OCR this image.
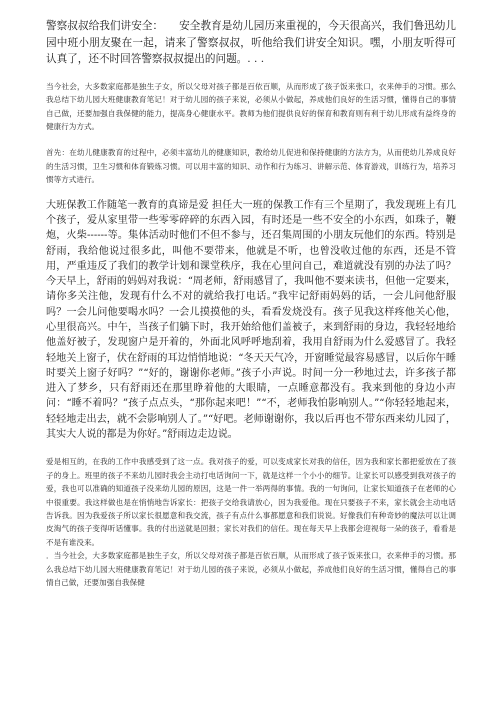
警察叔叔给我们讲安全：　　安全教育是幼儿园历来重视的，今天很高兴，我们鲁迅幼儿园中班小朋友聚在一起，请来了警察叔叔，听他给我们讲安全知识。嘿，小朋友听得可认真了，还不时回答警察叔叔提出的问题。. . .

当今社会，大多数家庭都是独生子女，所以父母对孩子都是百依百顺，从而形成了孩子饭来张口，衣来伸手的习惯。那么我总结下幼儿园大班健康教育笔记！对于幼儿园的孩子来说，必须从小做起，养成他们良好的生活习惯，懂得自己的事情自己做，还要加强自我保健的能力，提高身心健康水平。教师为他们提供良好的保育和教育则有利于幼儿形成有益终身的健康行为方式。

首先：在幼儿健康教育的过程中，必须丰富幼儿的健康知识，教给幼儿促进和保持健康的方法方为，从而使幼儿养成良好的生活习惯，卫生习惯和体育锻炼习惯。可以用丰富的知识、动作和行为练习、讲解示范、体育游戏，训练行为，培养习惯等方式进行。

大班保教工作随笔一教育的真谛是爱 担任大一班的保教工作有三个星期了，我发现班上有几个孩子，爱从家里带一些零零碎碎的东西入园，有时还是一些不安全的小东西，如珠子，鞭炮，火柴------等。集体活动时他们不但不参与，还召集周围的小朋友玩他们的东西。特别是舒雨，我给他说过很多此，叫他不要带来，他就是不听，也曾没收过他的东西，还是不管用，严重违反了我们的教学计划和课堂秩序，我在心里问自己，难道就没有别的办法了吗？今天早上，舒雨的妈妈对我说：“周老师，舒雨感冒了，我叫他不要来读书，但他一定要来，请你多关注他，发现有什么不对的就给我打电话。”我牢记舒雨妈妈的话，一会儿问他舒服吗？一会儿问他要喝水吗？一会儿摸摸他的头，看看发烧没有。孩子见我这样疼他关心他，心里很高兴。中午，当孩子们躺下时，我开始给他们盖被子，来到舒雨的身边，我轻轻地给他盖好被子，发现窗户是开着的，外面北风呼呼地刮着，我用自舒雨为什么爱感冒了。我轻轻地关上窗子，伏在舒雨的耳边悄悄地说：“冬天天气冷，开窗睡觉最容易感冒，以后你午睡时要关上窗子好吗？”“好的，谢谢你老师。”孩子小声说。时间一分一秒地过去，许多孩子都进入了梦乡，只有舒雨还在那里睁着他的大眼睛，一点睡意都没有。我来到他的身边小声问：“睡不着吗？”孩子点点头，“那你起来吧！”“不，老师我怕影响别人。”“你轻轻地起来，轻轻地走出去，就不会影响别人了。”“好吧。老师谢谢你，我以后再也不带东西来幼儿园了，其实大人说的都是为你好。”舒雨边走边说。

爱是相互的，在我的工作中我感受到了这一点。我对孩子的爱，可以变成家长对我的信任，因为我和家长都把爱放在了孩子的身上。班里的孩子不来幼儿园时我会主动打电话询问一下，就是这样一个小小的细节。让家长可以感受到我对孩子的爱，我也可以准确的知道孩子没来幼儿园的原因，这是一件一举两得的事情。我的一句询问，让家长知道孩子在老师的心中很重要。我这样做也是在悄悄地告诉家长：把孩子交给我请放心，因为我爱他。现在只要孩子不来，家长就会主动电话告诉我。因为我爱孩子所以家长很愿意和我交流，孩子有点什么事都愿意和我们说说。好像我们有种奇妙的魔法可以让调皮淘气的孩子变得听话懂事。我的付出送就是回报；家长对我们的信任。现在每天早上我都会迎视每一朵的孩子，看看是不是有谁没来。

．当今社会，大多数家庭都是独生子女，所以父母对孩子都是百依百顺，从而形成了孩子饭来张口，衣来伸手的习惯。那么我总结下幼儿园大班健康教育笔记！对于幼儿园的孩子来说，必须从小做起，养成他们良好的生活习惯，懂得自己的事情自己做，还要加强自我保健
